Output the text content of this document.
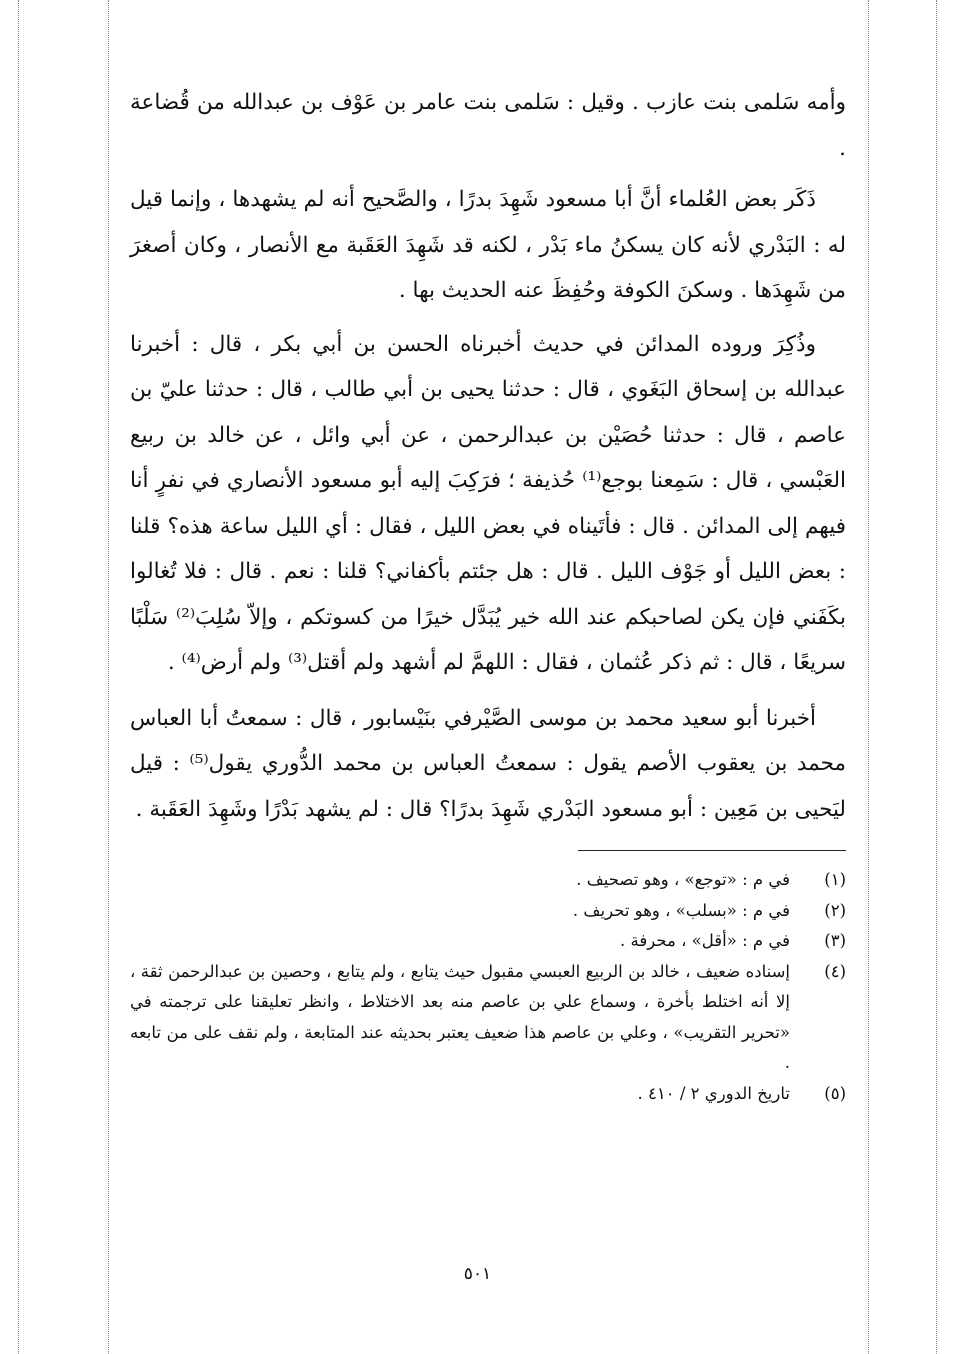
وأمه سَلمى بنت عازب . وقيل : سَلمى بنت عامر بن عَوْف بن عبدالله من قُضاعة .

ذَكَر بعض العُلماء أنَّ أبا مسعود شَهِدَ بدرًا ، والصَّحيح أنه لم يشهدها ، وإنما قيل له : البَدْري لأنه كان يسكنُ ماء بَدْر ، لكنه قد شَهِدَ العَقَبة مع الأنصار ، وكان أصغرَ من شَهِدَها . وسكنَ الكوفة وحُفِظَ عنه الحديث بها .

وذُكِرَ وروده المدائن في حديث أخبرناه الحسن بن أبي بكر ، قال : أخبرنا عبدالله بن إسحاق البَغَوي ، قال : حدثنا يحيى بن أبي طالب ، قال : حدثنا عليّ بن عاصم ، قال : حدثنا حُصَيْن بن عبدالرحمن ، عن أبي وائل ، عن خالد بن ربيع العَبْسي ، قال : سَمِعنا بوجع⁽¹⁾ حُذيفة ؛ فرَكِبَ إليه أبو مسعود الأنصاري في نفرٍ أنا فيهم إلى المدائن . قال : فأتَيناه في بعض الليل ، فقال : أي الليل ساعة هذه؟ قلنا : بعض الليل أو جَوْف الليل . قال : هل جئتم بأكفاني؟ قلنا : نعم . قال : فلا تُغالوا بكَفَني فإن يكن لصاحبكم عند الله خير يُبَدَّل خيرًا من كسوتكم ، وإلاّ سُلِبَ⁽²⁾ سَلْبًا سريعًا ، قال : ثم ذكر عُثمان ، فقال : اللهمَّ لم أشهد ولم أقتل⁽³⁾ ولم أرض⁽⁴⁾ .

أخبرنا أبو سعيد محمد بن موسى الصَّيْرفي بنَيْسابور ، قال : سمعتُ أبا العباس محمد بن يعقوب الأصم يقول : سمعتُ العباس بن محمد الدُّوري يقول⁽⁵⁾ : قيل ليَحيى بن مَعِين : أبو مسعود البَدْري شَهِدَ بدرًا؟ قال : لم يشهد بَدْرًا وشَهِدَ العَقَبة .

(١)
في م : «توجع» ، وهو تصحيف .
(٢)
في م : «بسلب» ، وهو تحريف .
(٣)
في م : «أقل» ، محرفة .
(٤)
إسناده ضعيف ، خالد بن الربيع العبسي مقبول حيث يتابع ، ولم يتابع ، وحصين بن عبدالرحمن ثقة ، إلا أنه اختلط بأخرة ، وسماع علي بن عاصم منه بعد الاختلاط ، وانظر تعليقنا على ترجمته في «تحرير التقريب» ، وعلي بن عاصم هذا ضعيف يعتبر بحديثه عند المتابعة ، ولم نقف على من تابعه .
(٥)
تاريخ الدوري ٢ / ٤١٠ .
٥٠١
